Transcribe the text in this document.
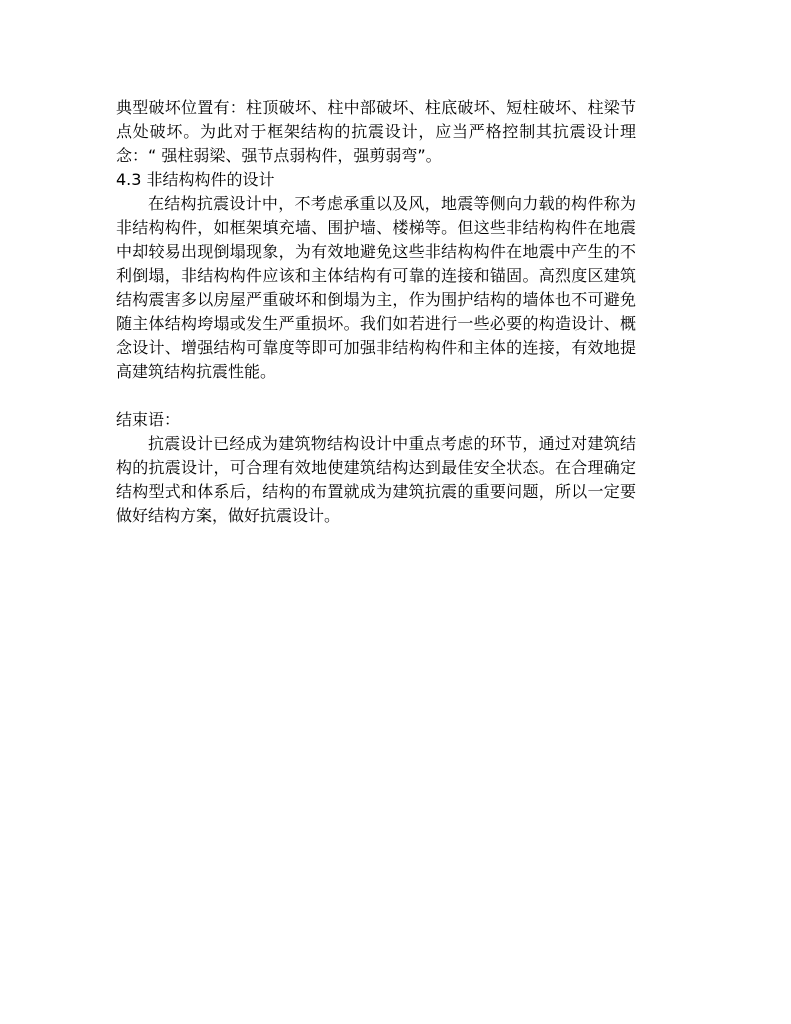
典型破坏位置有：柱顶破坏、柱中部破坏、柱底破坏、短柱破坏、柱梁节点处破坏。为此对于框架结构的抗震设计，应当严格控制其抗震设计理念：“ 强柱弱梁、强节点弱构件，强剪弱弯”。

4.3 非结构构件的设计

在结构抗震设计中，不考虑承重以及风，地震等侧向力载的构件称为非结构构件，如框架填充墙、围护墙、楼梯等。但这些非结构构件在地震中却较易出现倒塌现象，为有效地避免这些非结构构件在地震中产生的不利倒塌，非结构构件应该和主体结构有可靠的连接和锚固。高烈度区建筑结构震害多以房屋严重破坏和倒塌为主，作为围护结构的墙体也不可避免随主体结构垮塌或发生严重损坏。我们如若进行一些必要的构造设计、概念设计、增强结构可靠度等即可加强非结构构件和主体的连接，有效地提高建筑结构抗震性能。

结束语：

抗震设计已经成为建筑物结构设计中重点考虑的环节，通过对建筑结构的抗震设计，可合理有效地使建筑结构达到最佳安全状态。在合理确定结构型式和体系后，结构的布置就成为建筑抗震的重要问题，所以一定要做好结构方案，做好抗震设计。
